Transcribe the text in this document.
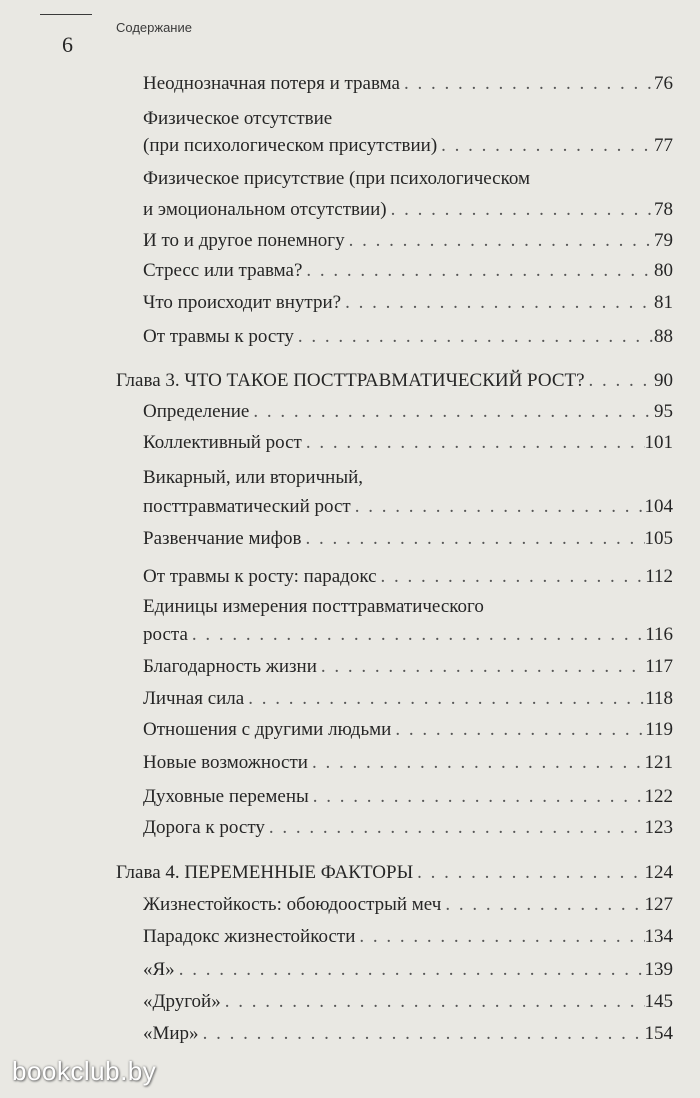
6
Содержание
Неоднозначная потеря и травма . . .	76
Физическое отсутствие
(при психологическом присутствии) . . .	77
Физическое присутствие (при психологическом
и эмоциональном отсутствии) . . .	78
И то и другое понемногу . . .	79
Стресс или травма? . . .	80
Что происходит внутри? . . .	81
От травмы к росту . . .	88
Глава 3. ЧТО ТАКОЕ ПОСТТРАВМАТИЧЕСКИЙ РОСТ? . . .	90
Определение . . .	95
Коллективный рост . . .	101
Викарный, или вторичный,
посттравматический рост . . .	104
Развенчание мифов . . .	105
От травмы к росту: парадокс . . .	112
Единицы измерения посттравматического
роста . . .	116
Благодарность жизни . . .	117
Личная сила . . .	118
Отношения с другими людьми . . .	119
Новые возможности . . .	121
Духовные перемены . . .	122
Дорога к росту . . .	123
Глава 4. ПЕРЕМЕННЫЕ ФАКТОРЫ . . .	124
Жизнестойкость: обоюдоострый меч . . .	127
Парадокс жизнестойкости . . .	134
«Я» . . .	139
«Другой» . . .	145
«Мир» . . .	154
bookclub.by
